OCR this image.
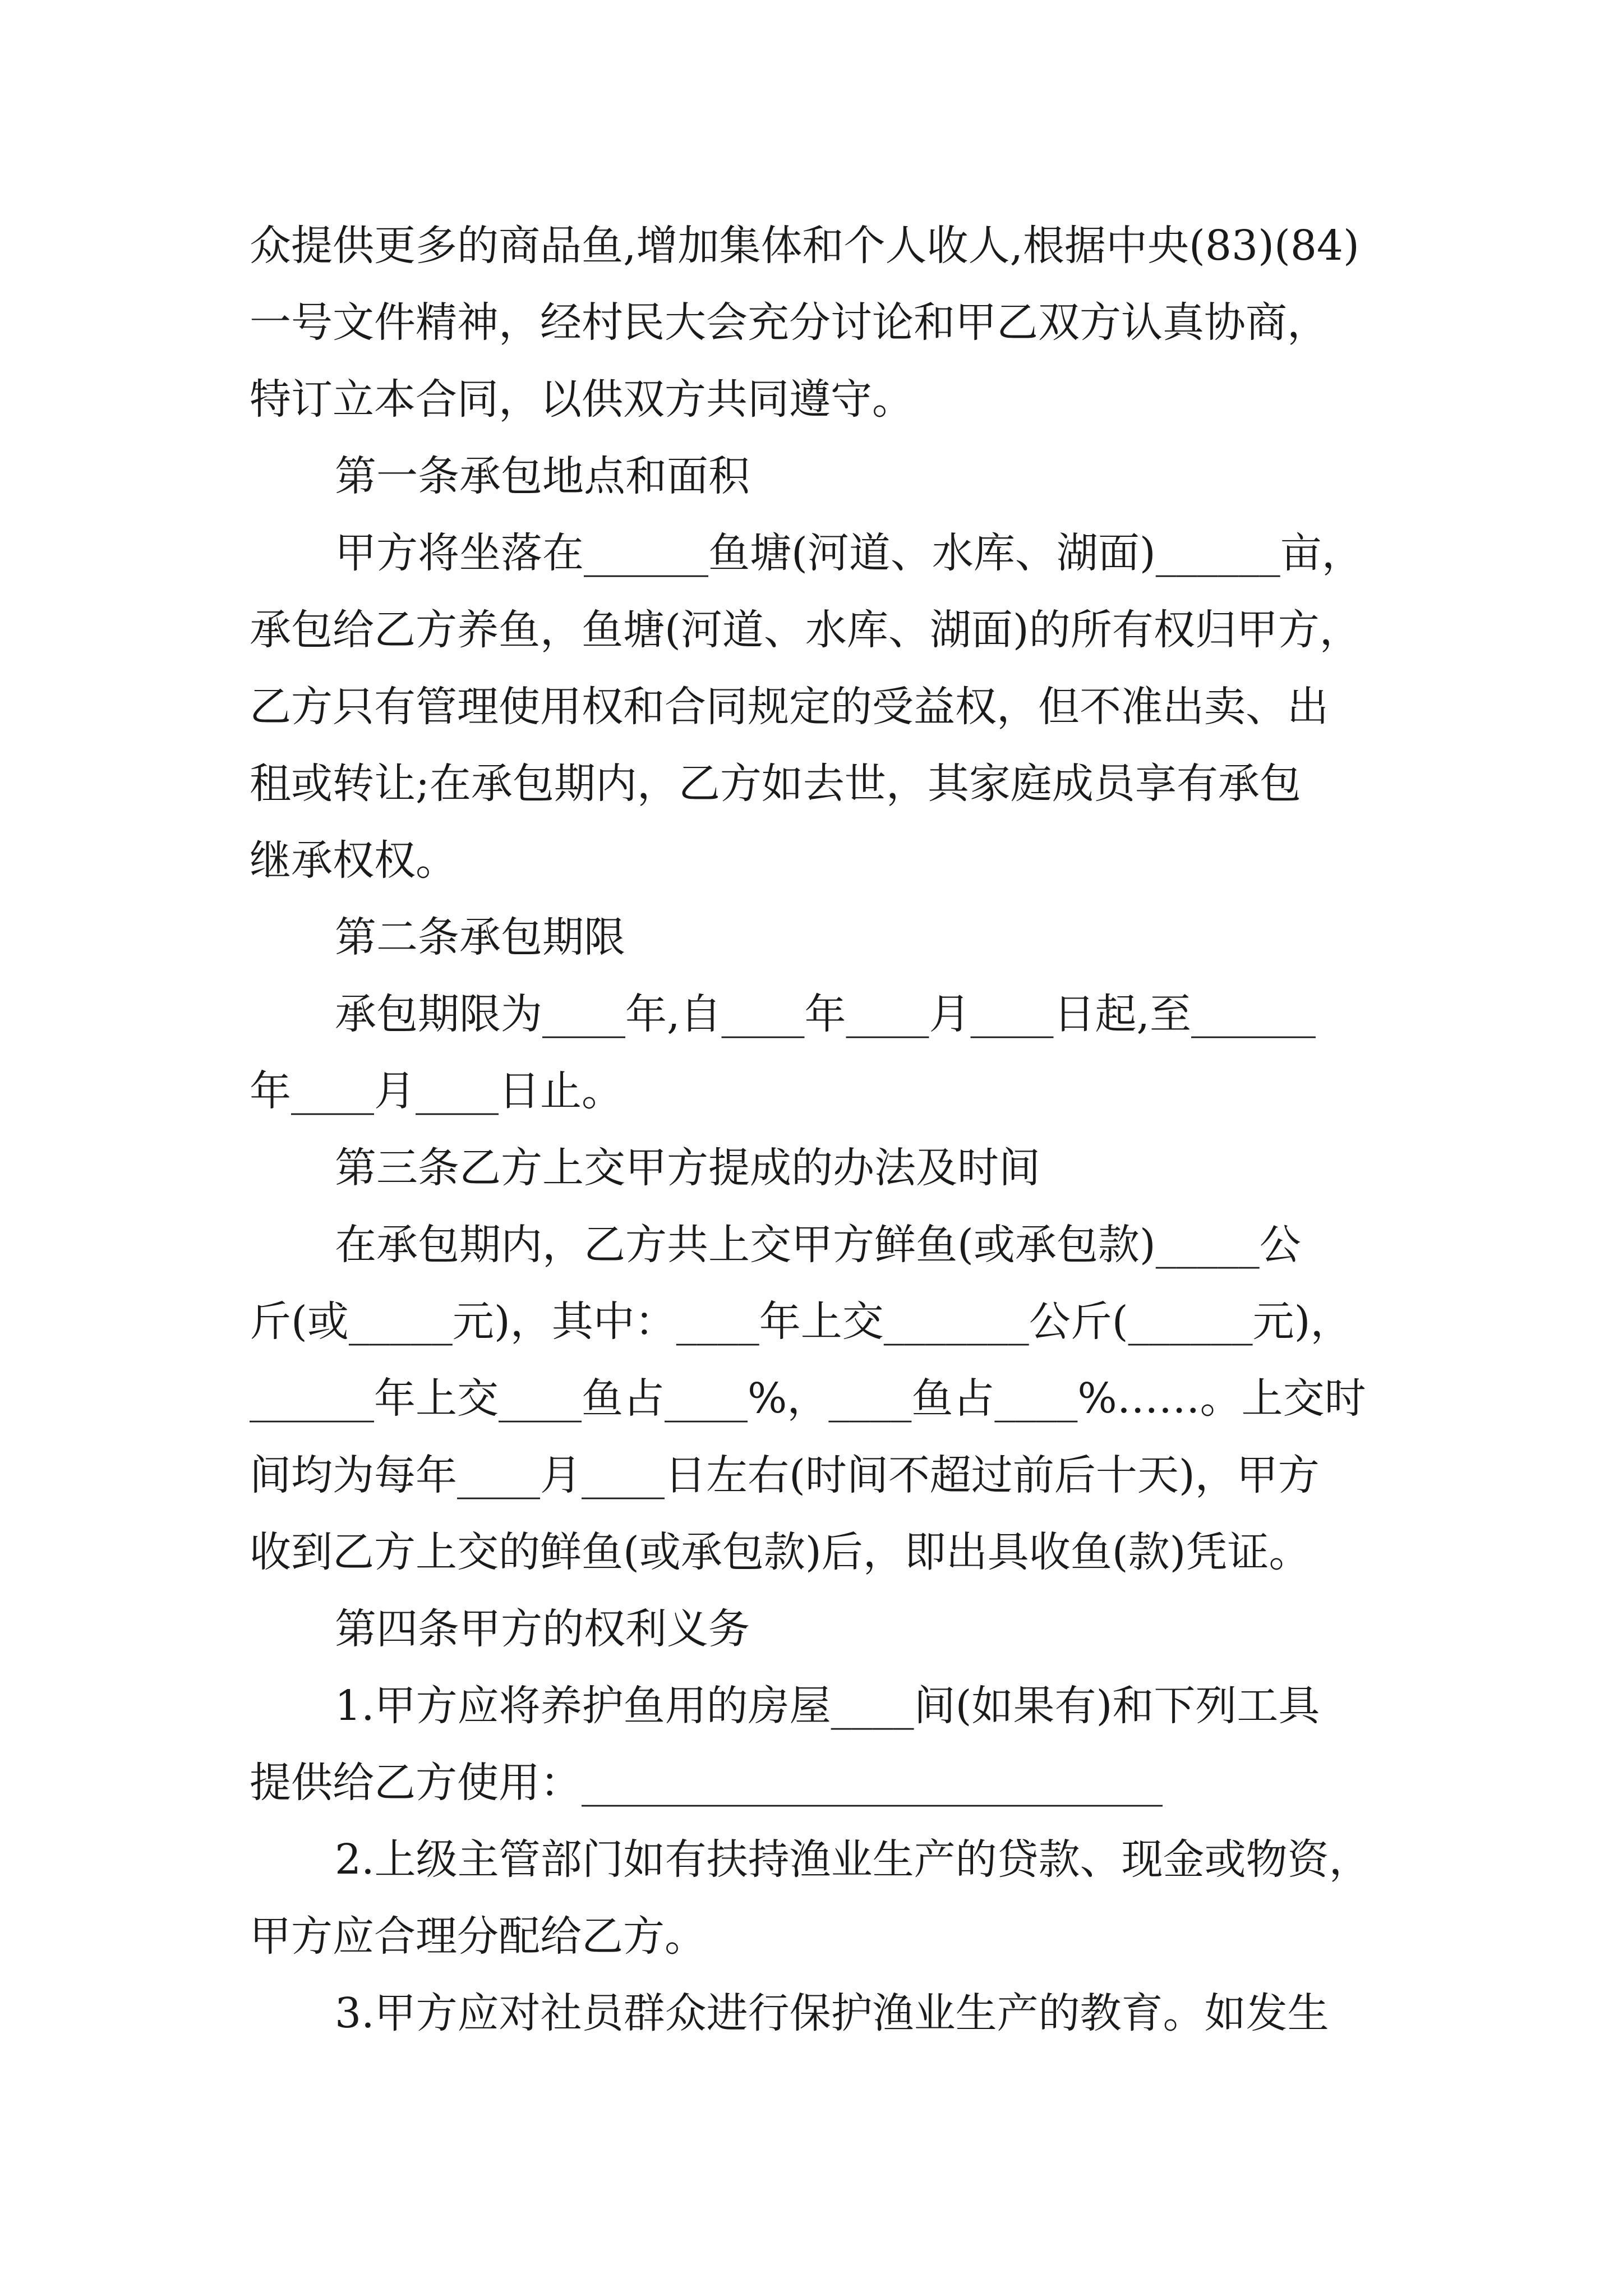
众提供更多的商品鱼,增加集体和个人收人,根据中央(83)(84)
一号文件精神，经村民大会充分讨论和甲乙双方认真协商，
特订立本合同，以供双方共同遵守。
第一条承包地点和面积
甲方将坐落在______鱼塘(河道、水库、湖面)______亩，
承包给乙方养鱼，鱼塘(河道、水库、湖面)的所有权归甲方，
乙方只有管理使用权和合同规定的受益权，但不准出卖、出
租或转让;在承包期内，乙方如去世，其家庭成员享有承包
继承权权。
第二条承包期限
承包期限为____年,自____年____月____日起,至______
年____月____日止。
第三条乙方上交甲方提成的办法及时间
在承包期内，乙方共上交甲方鲜鱼(或承包款)_____公
斤(或_____元)，其中：____年上交_______公斤(______元)，
______年上交____鱼占____%，____鱼占____%……。上交时
间均为每年____月____日左右(时间不超过前后十天)，甲方
收到乙方上交的鲜鱼(或承包款)后，即出具收鱼(款)凭证。
第四条甲方的权利义务
1.甲方应将养护鱼用的房屋____间(如果有)和下列工具
提供给乙方使用：____________________________
2.上级主管部门如有扶持渔业生产的贷款、现金或物资，
甲方应合理分配给乙方。
3.甲方应对社员群众进行保护渔业生产的教育。如发生
